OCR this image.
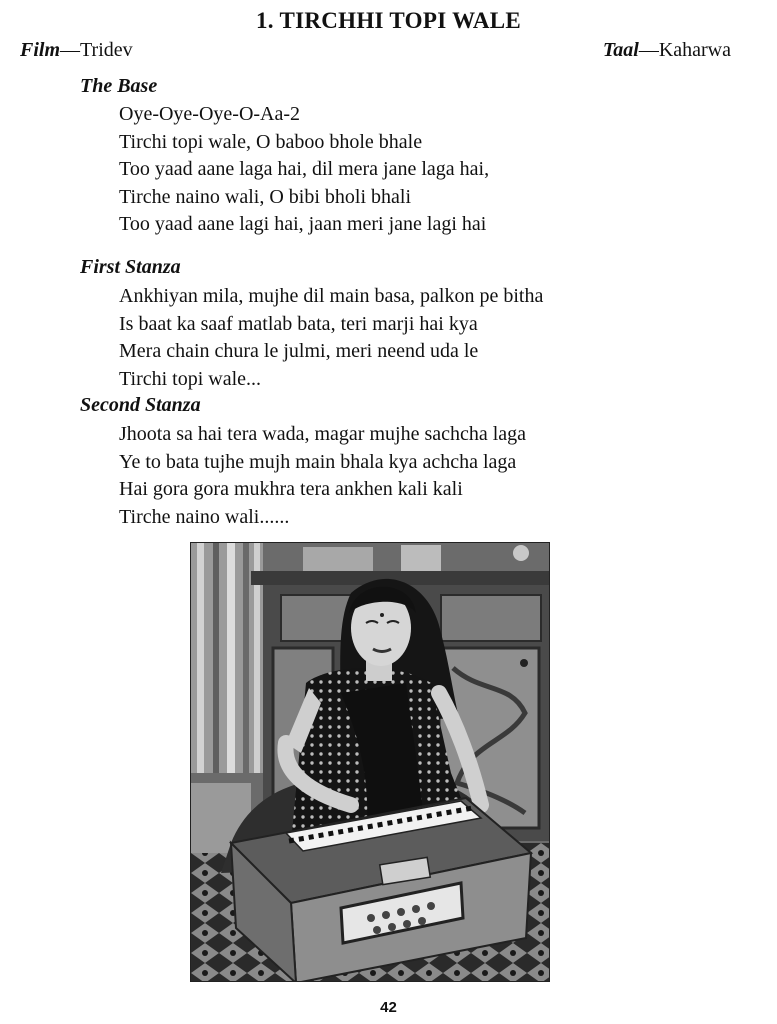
1. TIRCHHI TOPI WALE
Film—Tridev	Taal—Kaharwa
The Base
Oye-Oye-Oye-O-Aa-2
Tirchi topi wale, O baboo bhole bhale
Too yaad aane laga hai, dil mera jane laga hai,
Tirche naino wali, O bibi bholi bhali
Too yaad aane lagi hai, jaan meri jane lagi hai
First Stanza
Ankhiyan mila, mujhe dil main basa, palkon pe bitha
Is baat ka saaf matlab bata, teri marji hai kya
Mera chain chura le julmi, meri neend uda le
Tirchi topi wale...
Second Stanza
Jhoota sa hai tera wada, magar mujhe sachcha laga
Ye to bata tujhe mujh main bhala kya achcha laga
Hai gora gora mukhra tera ankhen kali kali
Tirche naino wali......
42
